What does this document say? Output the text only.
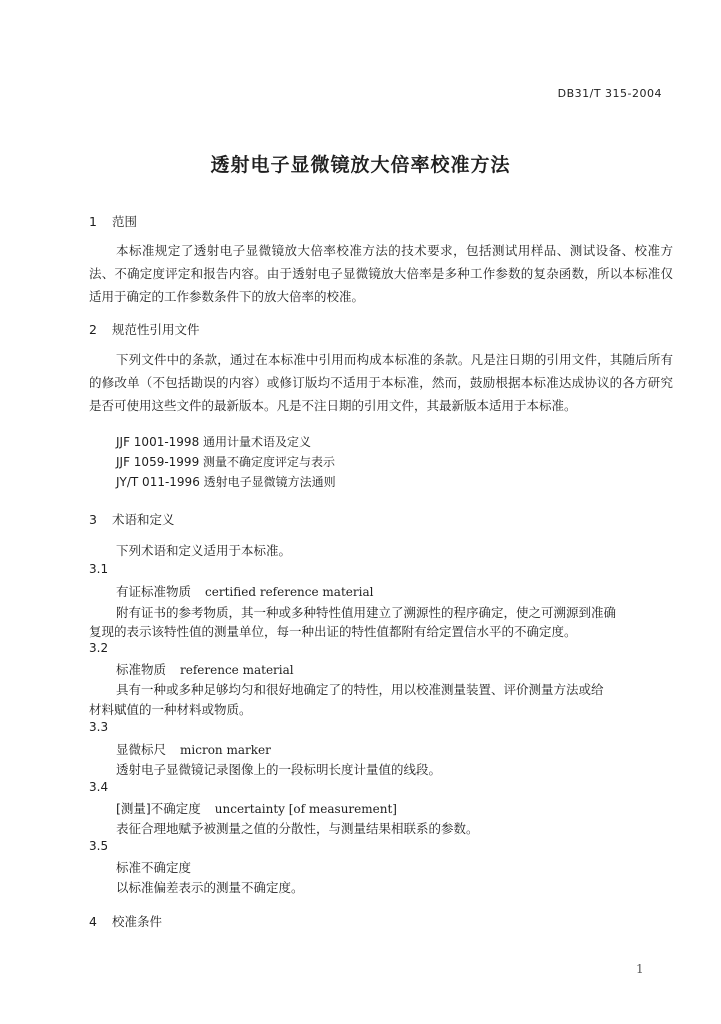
DB31/T 315-2004
透射电子显微镜放大倍率校准方法
1 范围
本标准规定了透射电子显微镜放大倍率校准方法的技术要求，包括测试用样品、测试设备、校准方法、不确定度评定和报告内容。由于透射电子显微镜放大倍率是多种工作参数的复杂函数，所以本标准仅适用于确定的工作参数条件下的放大倍率的校准。
2 规范性引用文件
下列文件中的条款，通过在本标准中引用而构成本标准的条款。凡是注日期的引用文件，其随后所有的修改单（不包括勘误的内容）或修订版均不适用于本标准，然而，鼓励根据本标准达成协议的各方研究是否可使用这些文件的最新版本。凡是不注日期的引用文件，其最新版本适用于本标准。
JJF 1001-1998 通用计量术语及定义
JJF 1059-1999 测量不确定度评定与表示
JY/T 011-1996 透射电子显微镜方法通则
3 术语和定义
下列术语和定义适用于本标准。
3.1
有证标准物质 certified reference material
附有证书的参考物质，其一种或多种特性值用建立了溯源性的程序确定，使之可溯源到准确
复现的表示该特性值的测量单位，每一种出证的特性值都附有给定置信水平的不确定度。
3.2
标准物质 reference material
具有一种或多种足够均匀和很好地确定了的特性，用以校准测量装置、评价测量方法或给
材料赋值的一种材料或物质。
3.3
显微标尺 micron marker
透射电子显微镜记录图像上的一段标明长度计量值的线段。
3.4
[测量]不确定度 uncertainty [of measurement]
表征合理地赋予被测量之值的分散性，与测量结果相联系的参数。
3.5
标准不确定度
以标准偏差表示的测量不确定度。
4 校准条件
1
